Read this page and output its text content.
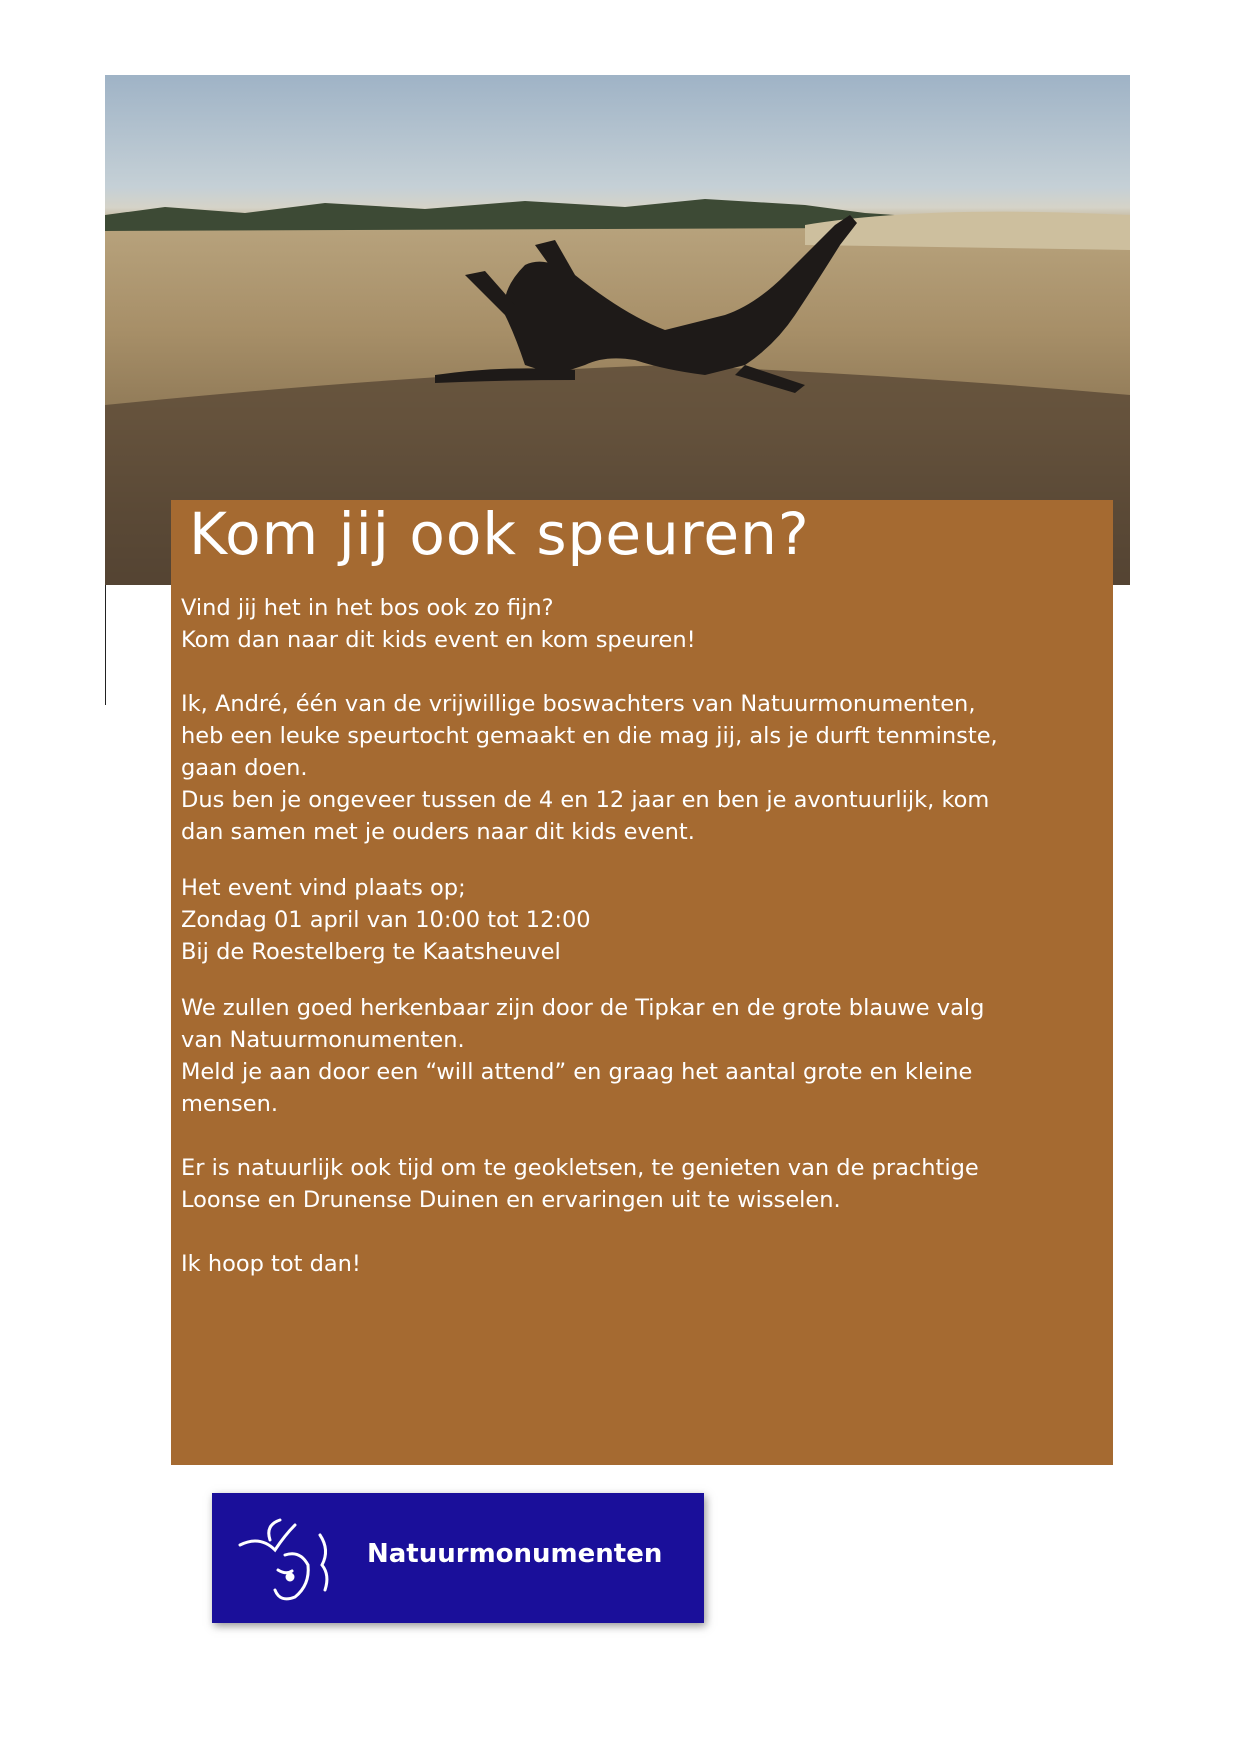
Kom jij ook speuren?
Vind jij het in het bos ook zo fijn?
Kom dan naar dit kids event en kom speuren!
Ik, André, één van de vrijwillige boswachters van Natuurmonumenten,
heb een leuke speurtocht gemaakt en die mag jij, als je durft tenminste,
gaan doen.
Dus ben je ongeveer tussen de 4 en 12 jaar en ben je avontuurlijk, kom
dan samen met je ouders naar dit kids event.
Het event vind plaats op;
Zondag 01 april van 10:00 tot 12:00
Bij de Roestelberg te Kaatsheuvel
We zullen goed herkenbaar zijn door de Tipkar en de grote blauwe valg
van Natuurmonumenten.
Meld je aan door een “will attend” en graag het aantal grote en kleine
mensen.
Er is natuurlijk ook tijd om te geokletsen, te genieten van de prachtige
Loonse en Drunense Duinen en ervaringen uit te wisselen.
Ik hoop tot dan!
Natuurmonumenten
